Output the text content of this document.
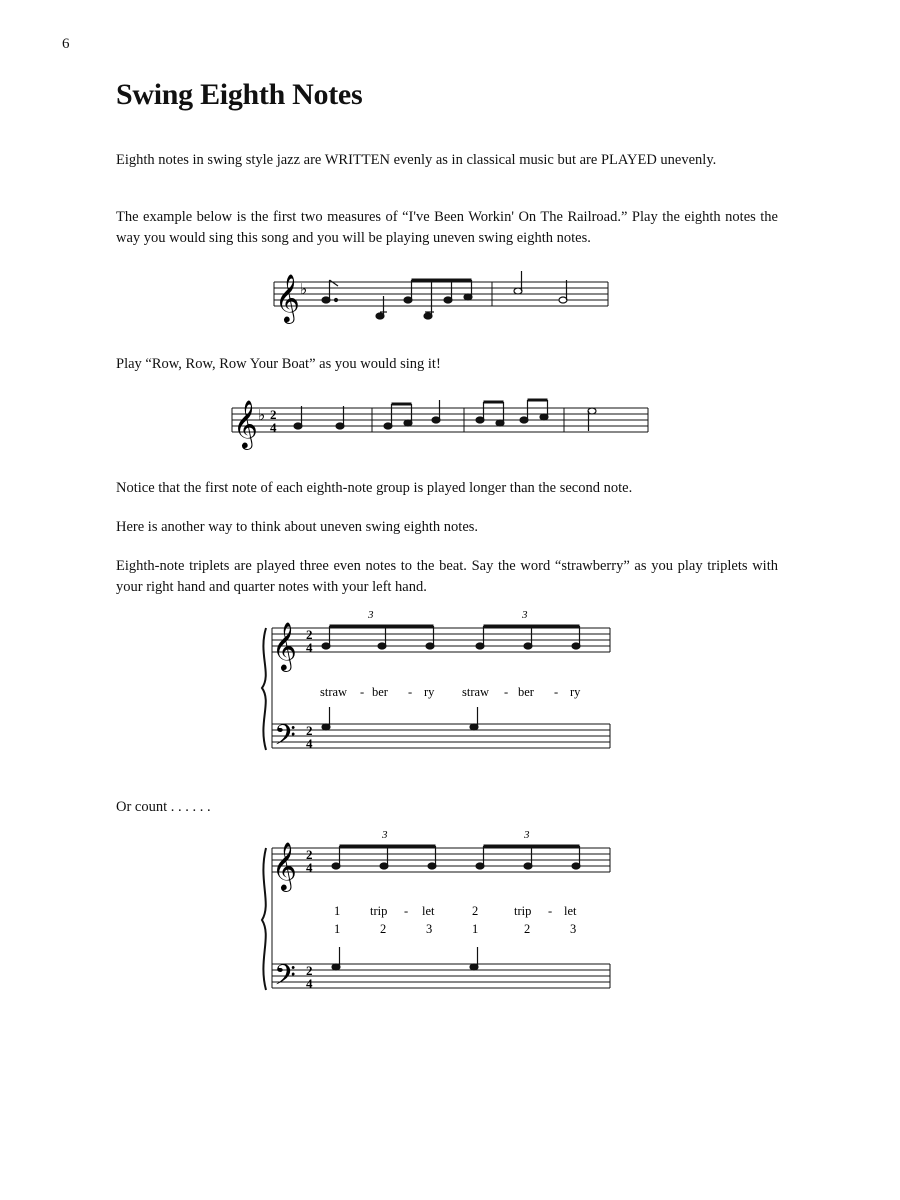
6
Swing Eighth Notes

Eighth notes in swing style jazz are WRITTEN evenly as in classical music but are PLAYED unevenly.

The example below is the first two measures of “I've Been Workin' On The Railroad.” Play the eighth notes the way you would sing this song and you will be playing uneven swing eighth notes.

𝄞 ♭

Play “Row, Row, Row Your Boat” as you would sing it!

𝄞 ♭ 2
4

Notice that the first note of each eighth-note group is played longer than the second note.

Here is another way to think about uneven swing eighth notes.

Eighth-note triplets are played three even notes to the beat. Say the word “strawberry” as you play triplets with your right hand and quarter notes with your left hand.

𝄞
𝄢
2
4
2
4
3	3
straw - ber - ry straw - ber - ry

Or count . . . . . .

𝄞
𝄢
2
4
2
4
3	3
1 trip - let	2	trip - let
1	2	3	1	2	3
